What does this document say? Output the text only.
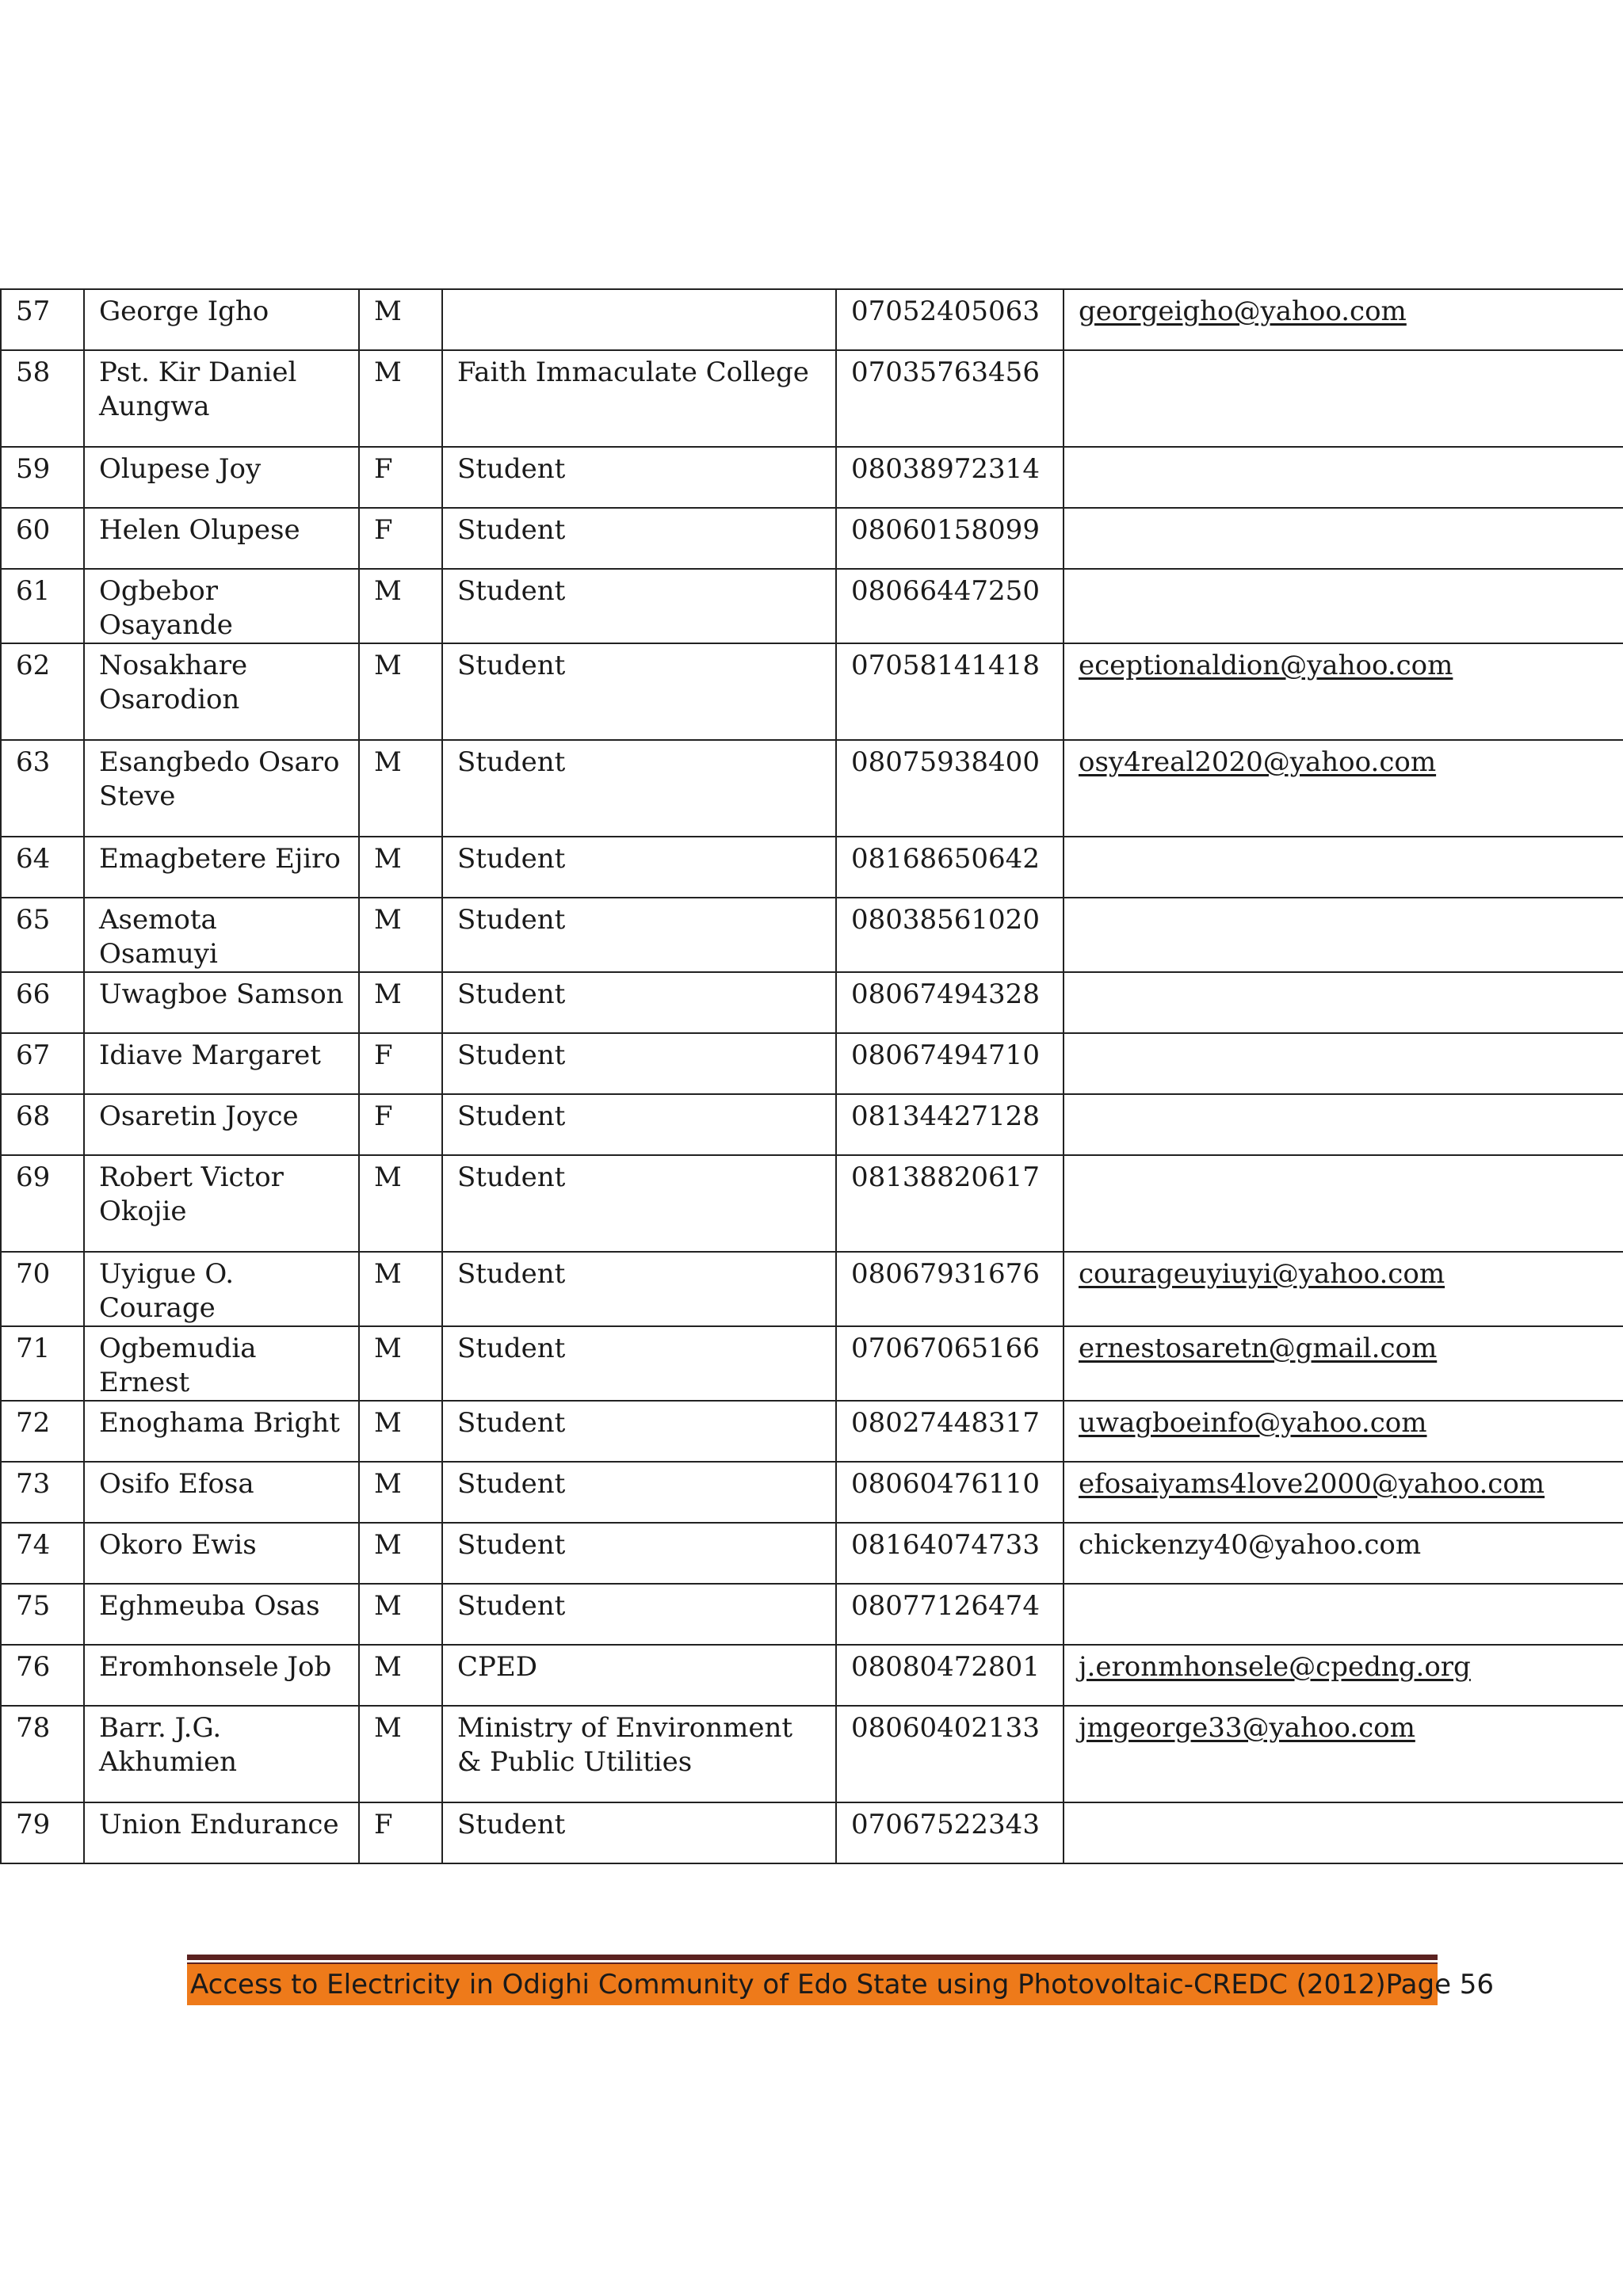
57	George Igho	M		07052405063	georgeigho@yahoo.com
58	Pst. Kir Daniel Aungwa	M	Faith Immaculate College	07035763456	
59	Olupese Joy	F	Student	08038972314	
60	Helen Olupese	F	Student	08060158099	
61	Ogbebor Osayande	M	Student	08066447250	
62	Nosakhare Osarodion	M	Student	07058141418	eceptionaldion@yahoo.com
63	Esangbedo Osaro Steve	M	Student	08075938400	osy4real2020@yahoo.com
64	Emagbetere Ejiro	M	Student	08168650642	
65	Asemota Osamuyi	M	Student	08038561020	
66	Uwagboe Samson	M	Student	08067494328	
67	Idiave Margaret	F	Student	08067494710	
68	Osaretin Joyce	F	Student	08134427128	
69	Robert Victor Okojie	M	Student	08138820617	
70	Uyigue O. Courage	M	Student	08067931676	courageuyiuyi@yahoo.com
71	Ogbemudia Ernest	M	Student	07067065166	ernestosaretn@gmail.com
72	Enoghama Bright	M	Student	08027448317	uwagboeinfo@yahoo.com
73	Osifo Efosa	M	Student	08060476110	efosaiyams4love2000@yahoo.com
74	Okoro Ewis	M	Student	08164074733	chickenzy40@yahoo.com
75	Eghmeuba Osas	M	Student	08077126474	
76	Eromhonsele Job	M	CPED	08080472801	j.eronmhonsele@cpedng.org
78	Barr. J.G. Akhumien	M	Ministry of Environment & Public Utilities	08060402133	jmgeorge33@yahoo.com
79	Union Endurance	F	Student	07067522343	
Access to Electricity in Odighi Community of Edo State using Photovoltaic-CREDC (2012) Page 56
